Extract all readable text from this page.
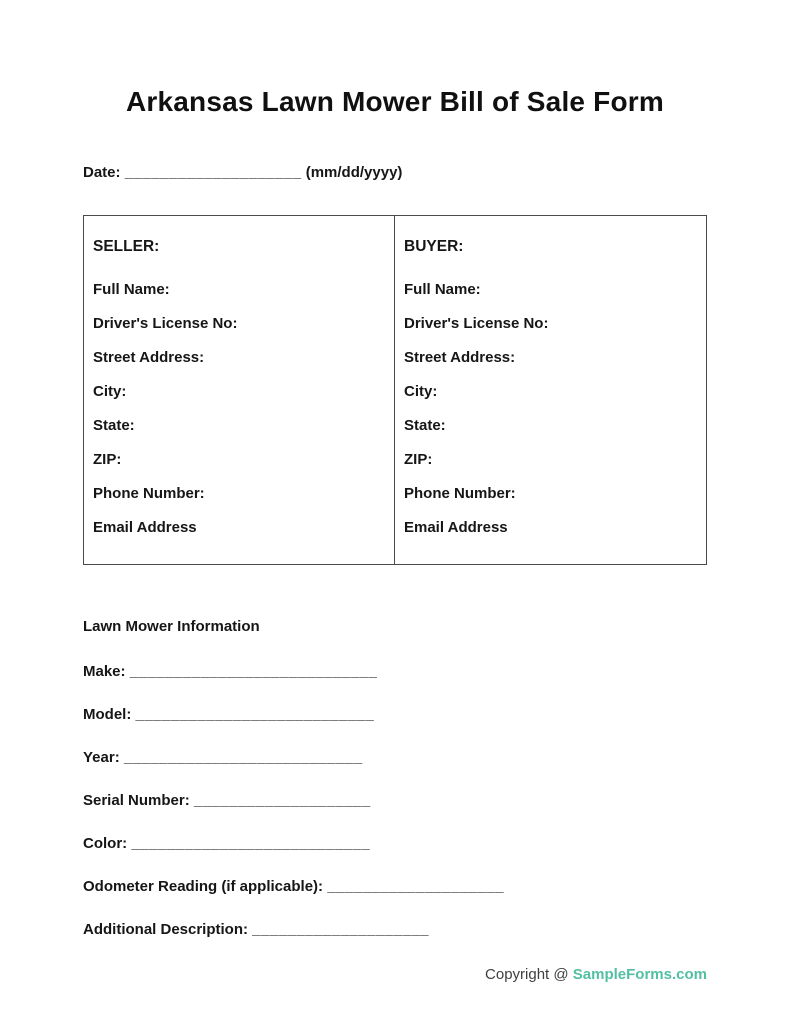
Arkansas Lawn Mower Bill of Sale Form
Date: ____________________ (mm/dd/yyyy)
SELLER:
Full Name:
Driver's License No:
Street Address:
City:
State:
ZIP:
Phone Number:
Email Address
BUYER:
Full Name:
Driver's License No:
Street Address:
City:
State:
ZIP:
Phone Number:
Email Address
Lawn Mower Information
Make: ____________________________
Model: ___________________________
Year: ___________________________
Serial Number: ____________________
Color: ___________________________
Odometer Reading (if applicable): ____________________
Additional Description: ____________________
Copyright @ SampleForms.com
